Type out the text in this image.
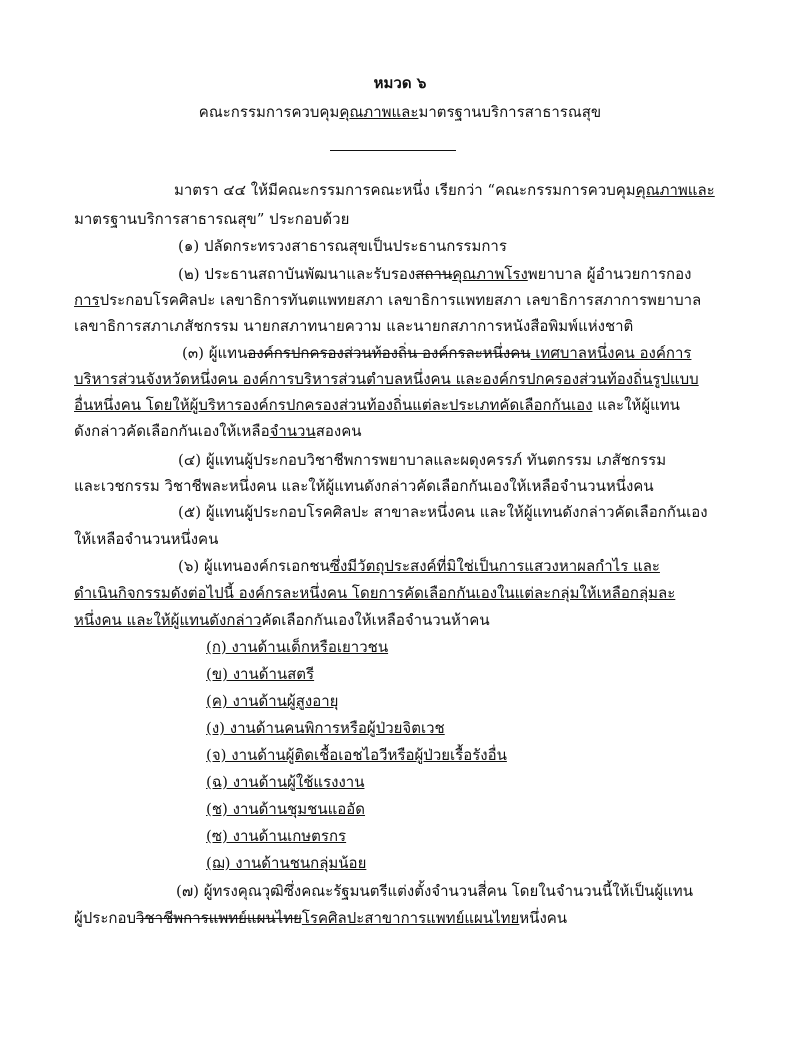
หมวด ๖
คณะกรรมการควบคุมคุณภาพและมาตรฐานบริการสาธารณสุข
มาตรา ๔๔ ให้มีคณะกรรมการคณะหนึ่ง เรียกว่า “คณะกรรมการควบคุมคุณภาพและ
มาตรฐานบริการสาธารณสุข” ประกอบด้วย
(๑) ปลัดกระทรวงสาธารณสุขเป็นประธานกรรมการ
(๒) ประธานสถาบันพัฒนาและรับรองสถานคุณภาพโรงพยาบาล ผู้อำนวยการกอง
การประกอบโรคศิลปะ เลขาธิการทันตแพทยสภา เลขาธิการแพทยสภา เลขาธิการสภาการพยาบาล
เลขาธิการสภาเภสัชกรรม นายกสภาทนายความ และนายกสภาการหนังสือพิมพ์แห่งชาติ
(๓) ผู้แทนองค์กรปกครองส่วนท้องถิ่น องค์กรละหนึ่งคน เทศบาลหนึ่งคน องค์การ
บริหารส่วนจังหวัดหนึ่งคน องค์การบริหารส่วนตำบลหนึ่งคน และองค์กรปกครองส่วนท้องถิ่นรูปแบบ
อื่นหนึ่งคน โดยให้ผู้บริหารองค์กรปกครองส่วนท้องถิ่นแต่ละประเภทคัดเลือกกันเอง และให้ผู้แทน
ดังกล่าวคัดเลือกกันเองให้เหลือจำนวนสองคน
(๔) ผู้แทนผู้ประกอบวิชาชีพการพยาบาลและผดุงครรภ์ ทันตกรรม เภสัชกรรม
และเวชกรรม วิชาชีพละหนึ่งคน และให้ผู้แทนดังกล่าวคัดเลือกกันเองให้เหลือจำนวนหนึ่งคน
(๕) ผู้แทนผู้ประกอบโรคศิลปะ สาขาละหนึ่งคน และให้ผู้แทนดังกล่าวคัดเลือกกันเอง
ให้เหลือจำนวนหนึ่งคน
(๖) ผู้แทนองค์กรเอกชนซึ่งมีวัตถุประสงค์ที่มิใช่เป็นการแสวงหาผลกำไร และ
ดำเนินกิจกรรมดังต่อไปนี้ องค์กรละหนึ่งคน โดยการคัดเลือกกันเองในแต่ละกลุ่มให้เหลือกลุ่มละ
หนึ่งคน และให้ผู้แทนดังกล่าวคัดเลือกกันเองให้เหลือจำนวนห้าคน
(ก) งานด้านเด็กหรือเยาวชน
(ข) งานด้านสตรี
(ค) งานด้านผู้สูงอายุ
(ง) งานด้านคนพิการหรือผู้ป่วยจิตเวช
(จ) งานด้านผู้ติดเชื้อเอชไอวีหรือผู้ป่วยเรื้อรังอื่น
(ฉ) งานด้านผู้ใช้แรงงาน
(ช) งานด้านชุมชนแออัด
(ซ) งานด้านเกษตรกร
(ฌ) งานด้านชนกลุ่มน้อย
(๗) ผู้ทรงคุณวุฒิซึ่งคณะรัฐมนตรีแต่งตั้งจำนวนสี่คน โดยในจำนวนนี้ให้เป็นผู้แทน
ผู้ประกอบวิชาชีพการแพทย์แผนไทยโรคศิลปะสาขาการแพทย์แผนไทยหนึ่งคน
